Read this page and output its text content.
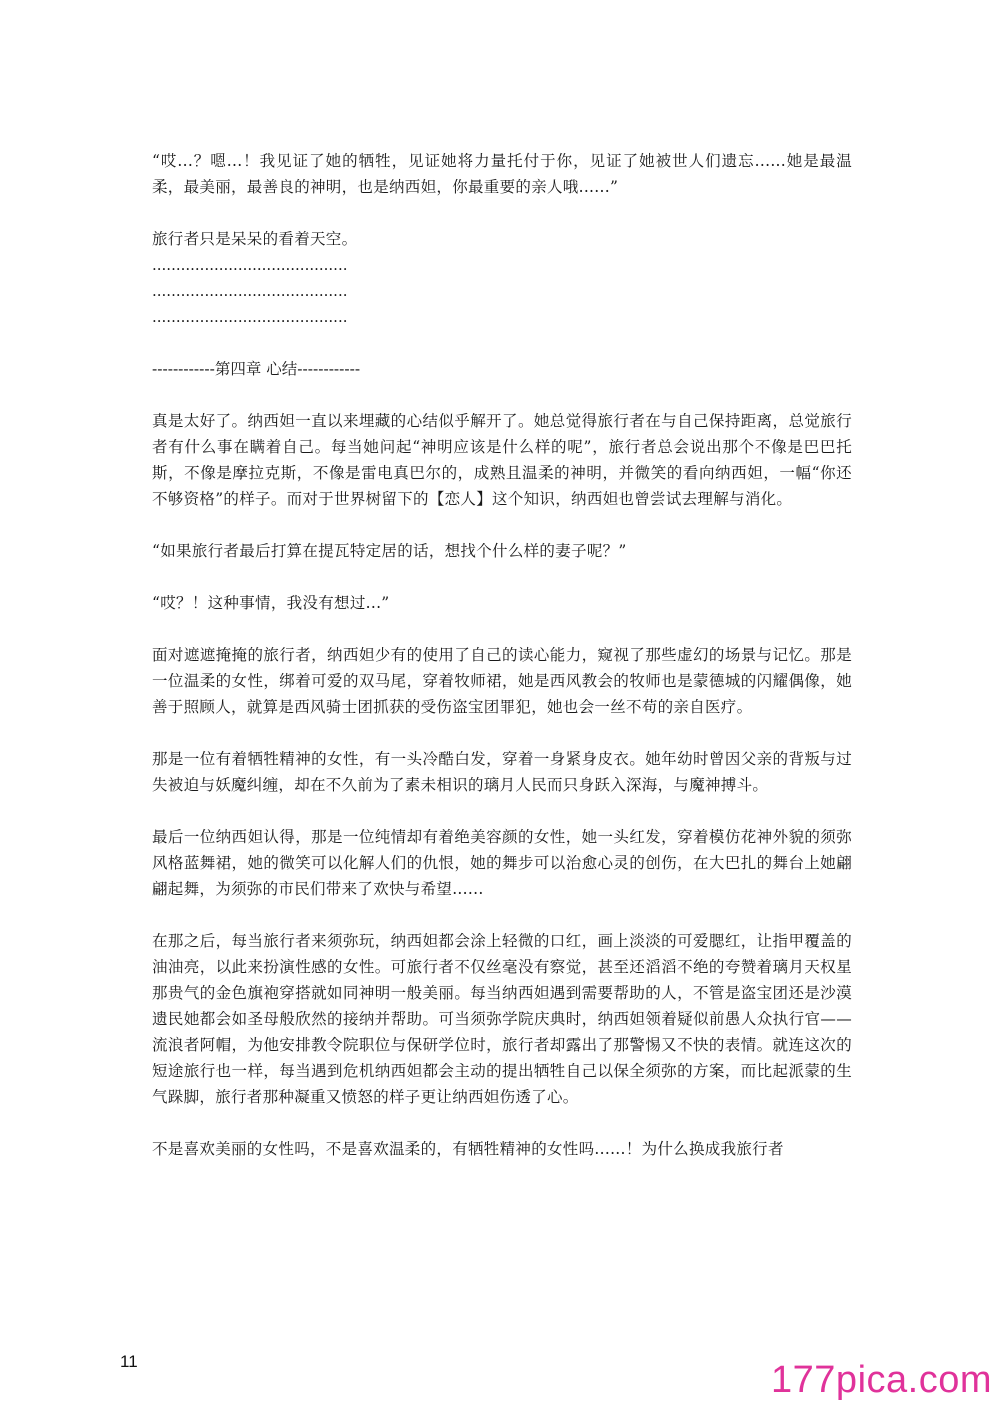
“哎...？嗯...！我见证了她的牺牲，见证她将力量托付于你，见证了她被世人们遗忘......她是最温柔，最美丽，最善良的神明，也是纳西妲，你最重要的亲人哦......”

旅行者只是呆呆的看着天空。

.........................................

.........................................

.........................................

------------第四章 心结------------

真是太好了。纳西妲一直以来埋藏的心结似乎解开了。她总觉得旅行者在与自己保持距离，总觉旅行者有什么事在瞒着自己。每当她问起“神明应该是什么样的呢”，旅行者总会说出那个不像是巴巴托斯，不像是摩拉克斯，不像是雷电真巴尔的，成熟且温柔的神明，并微笑的看向纳西妲，一幅“你还不够资格”的样子。而对于世界树留下的【恋人】这个知识，纳西妲也曾尝试去理解与消化。

“如果旅行者最后打算在提瓦特定居的话，想找个什么样的妻子呢？”

“哎？！这种事情，我没有想过...”

面对遮遮掩掩的旅行者，纳西妲少有的使用了自己的读心能力，窥视了那些虚幻的场景与记忆。那是一位温柔的女性，绑着可爱的双马尾，穿着牧师裙，她是西风教会的牧师也是蒙德城的闪耀偶像，她善于照顾人，就算是西风骑士团抓获的受伤盗宝团罪犯，她也会一丝不苟的亲自医疗。

那是一位有着牺牲精神的女性，有一头冷酷白发，穿着一身紧身皮衣。她年幼时曾因父亲的背叛与过失被迫与妖魔纠缠，却在不久前为了素未相识的璃月人民而只身跃入深海，与魔神搏斗。

最后一位纳西妲认得，那是一位纯情却有着绝美容颜的女性，她一头红发，穿着模仿花神外貌的须弥风格蓝舞裙，她的微笑可以化解人们的仇恨，她的舞步可以治愈心灵的创伤，在大巴扎的舞台上她翩翩起舞，为须弥的市民们带来了欢快与希望......

在那之后，每当旅行者来须弥玩，纳西妲都会涂上轻微的口红，画上淡淡的可爱腮红，让指甲覆盖的油油亮，以此来扮演性感的女性。可旅行者不仅丝毫没有察觉，甚至还滔滔不绝的夸赞着璃月天权星那贵气的金色旗袍穿搭就如同神明一般美丽。每当纳西妲遇到需要帮助的人，不管是盗宝团还是沙漠遗民她都会如圣母般欣然的接纳并帮助。可当须弥学院庆典时，纳西妲领着疑似前愚人众执行官——流浪者阿帽，为他安排教令院职位与保研学位时，旅行者却露出了那警惕又不快的表情。就连这次的短途旅行也一样，每当遇到危机纳西妲都会主动的提出牺牲自己以保全须弥的方案，而比起派蒙的生气跺脚，旅行者那种凝重又愤怒的样子更让纳西妲伤透了心。

不是喜欢美丽的女性吗，不是喜欢温柔的，有牺牲精神的女性吗......！为什么换成我旅行者

11	177pica.com
